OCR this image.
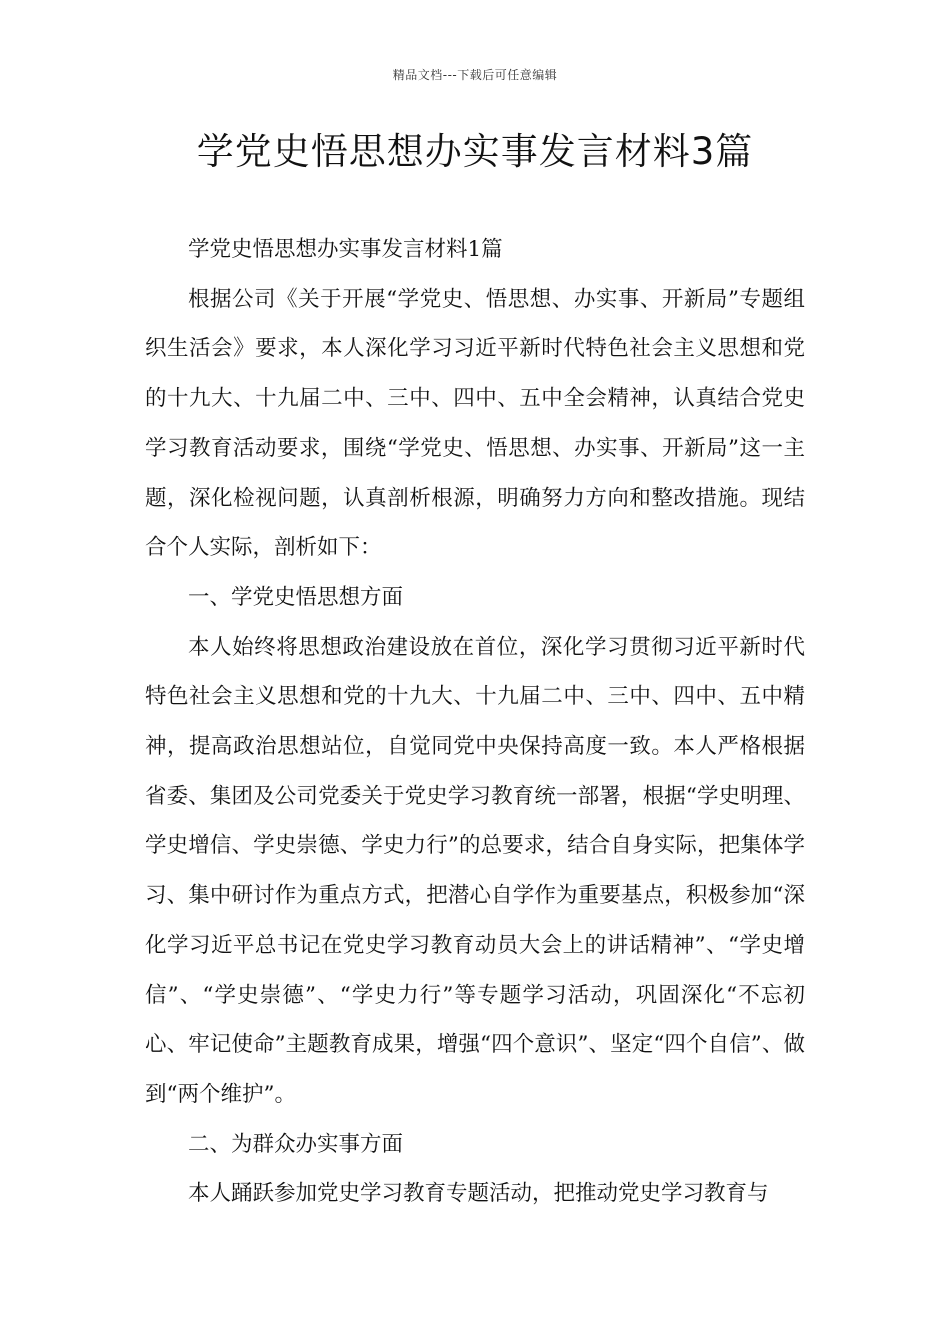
精品文档---下载后可任意编辑
学党史悟思想办实事发言材料3篇

学党史悟思想办实事发言材料1篇

根据公司《关于开展“学党史、悟思想、办实事、开新局”专题组织生活会》要求，本人深化学习习近平新时代特色社会主义思想和党的十九大、十九届二中、三中、四中、五中全会精神，认真结合党史学习教育活动要求，围绕“学党史、悟思想、办实事、开新局”这一主题，深化检视问题，认真剖析根源，明确努力方向和整改措施。现结合个人实际，剖析如下：

一、学党史悟思想方面

本人始终将思想政治建设放在首位，深化学习贯彻习近平新时代特色社会主义思想和党的十九大、十九届二中、三中、四中、五中精神，提高政治思想站位，自觉同党中央保持高度一致。本人严格根据省委、集团及公司党委关于党史学习教育统一部署，根据“学史明理、学史增信、学史崇德、学史力行”的总要求，结合自身实际，把集体学习、集中研讨作为重点方式，把潜心自学作为重要基点，积极参加“深化学习近平总书记在党史学习教育动员大会上的讲话精神”、“学史增信”、“学史崇德”、“学史力行”等专题学习活动，巩固深化“不忘初心、牢记使命”主题教育成果，增强“四个意识”、坚定“四个自信”、做到“两个维护”。

二、为群众办实事方面

本人踊跃参加党史学习教育专题活动，把推动党史学习教育与
